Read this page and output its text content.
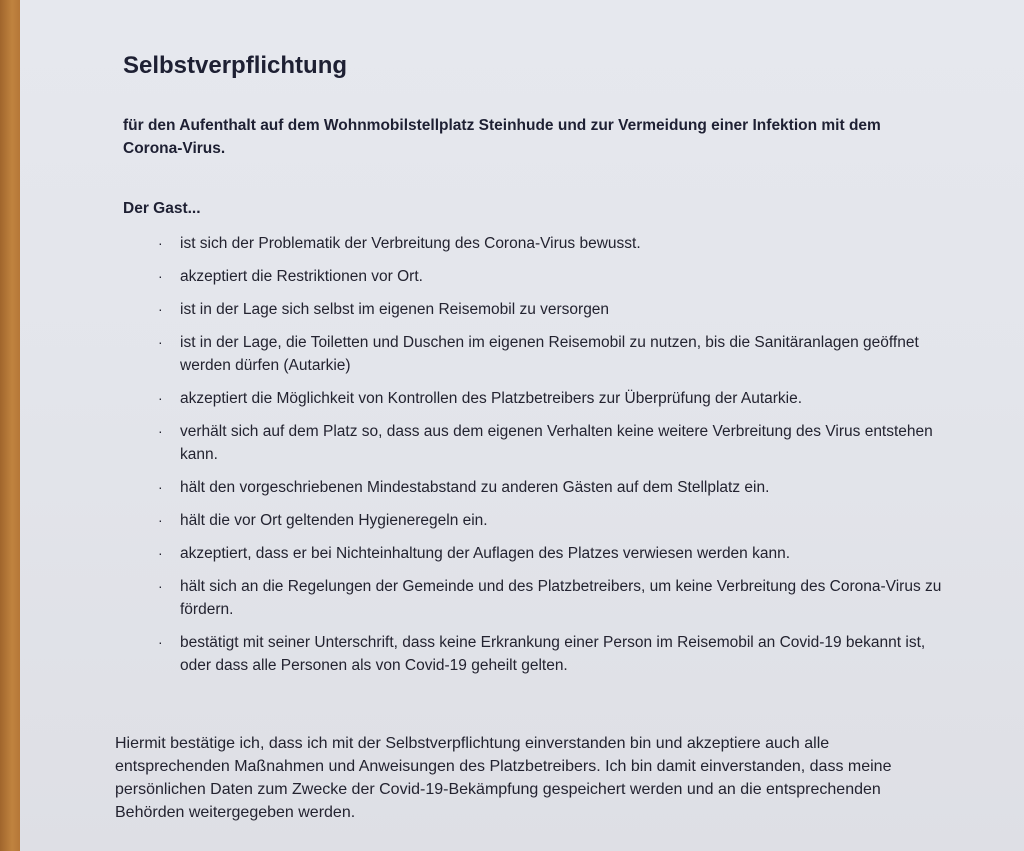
Selbstverpflichtung

für den Aufenthalt auf dem Wohnmobilstellplatz Steinhude und zur Vermeidung einer Infektion mit dem Corona-Virus.

Der Gast...

· ist sich der Problematik der Verbreitung des Corona-Virus bewusst.
· akzeptiert die Restriktionen vor Ort.
· ist in der Lage sich selbst im eigenen Reisemobil zu versorgen
· ist in der Lage, die Toiletten und Duschen im eigenen Reisemobil zu nutzen, bis die Sanitäranlagen geöffnet werden dürfen (Autarkie)
· akzeptiert die Möglichkeit von Kontrollen des Platzbetreibers zur Überprüfung der Autarkie.
· verhält sich auf dem Platz so, dass aus dem eigenen Verhalten keine weitere Verbreitung des Virus entstehen kann.
· hält den vorgeschriebenen Mindestabstand zu anderen Gästen auf dem Stellplatz ein.
· hält die vor Ort geltenden Hygieneregeln ein.
· akzeptiert, dass er bei Nichteinhaltung der Auflagen des Platzes verwiesen werden kann.
· hält sich an die Regelungen der Gemeinde und des Platzbetreibers, um keine Verbreitung des Corona-Virus zu fördern.
· bestätigt mit seiner Unterschrift, dass keine Erkrankung einer Person im Reisemobil an Covid-19 bekannt ist, oder dass alle Personen als von Covid-19 geheilt gelten.

Hiermit bestätige ich, dass ich mit der Selbstverpflichtung einverstanden bin und akzeptiere auch alle entsprechenden Maßnahmen und Anweisungen des Platzbetreibers. Ich bin damit einverstanden, dass meine persönlichen Daten zum Zwecke der Covid-19-Bekämpfung gespeichert werden und an die entsprechenden Behörden weitergegeben werden.
